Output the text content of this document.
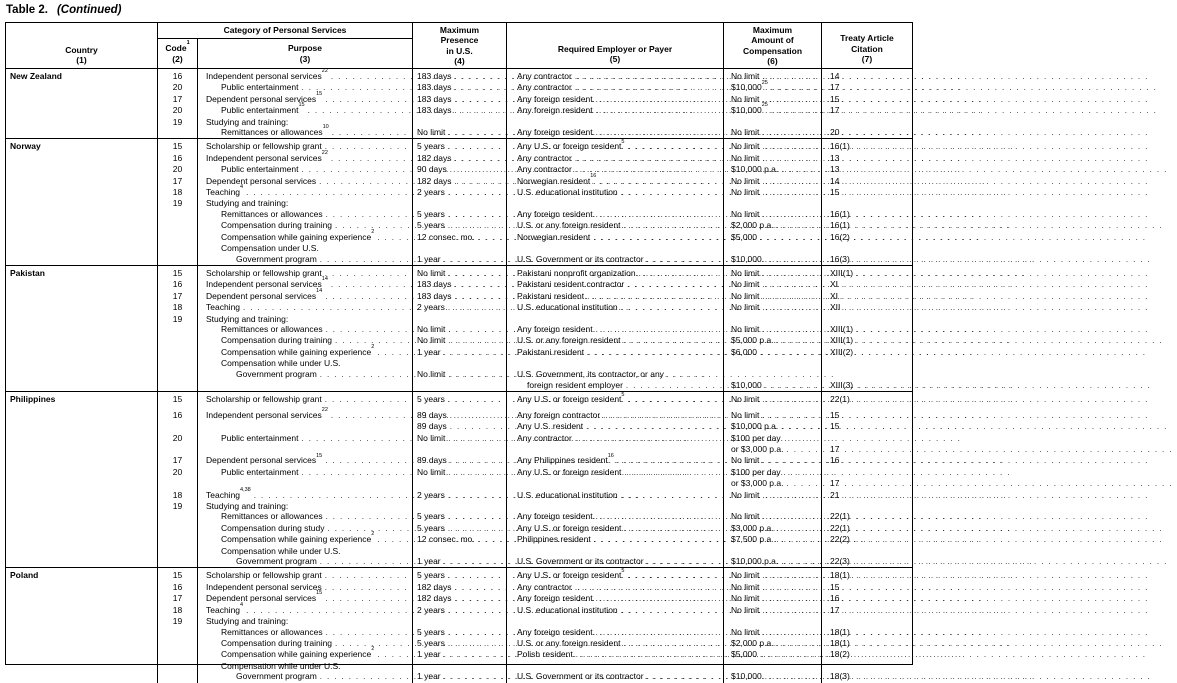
Table 2. (Continued)
Country
(1)
Category of Personal Services
Code$^1$
(2)
Purpose
(3)
Maximum
Presence
in U.S.
(4)
Required Employer or Payer
(5)
Maximum
Amount of
Compensation
(6)
Treaty Article
Citation
(7)
New Zealand	16	Independent personal services$^{22}$ .....	183 days .....	Any contractor .....	No limit .....	14
20	Public entertainment .....	183 days .....	Any contractor .....	$10,000$^{25}$ .....	17
17	Dependent personal services$^{15}$ .....	183 days .....	Any foreign resident .....	No limit .....	15
20	Public entertainment$^{15}$ .....	183 days .....	Any foreign resident .....	$10,000$^{25}$ .....	17
19	Studying and training:
Remittances or allowances$^{10}$ .....	No limit .....	Any foreign resident .....	No limit .....	20
Norway	15	Scholarship or fellowship grant .....	5 years .....	Any U.S. or foreign resident$^5$ .....	No limit .....	16(1)
16	Independent personal services$^{22}$ .....	182 days .....	Any contractor .....	No limit .....	13
20	Public entertainment .....	90 days .....	Any contractor .....	$10,000 p.a. .....	13
17	Dependent personal services .....	182 days .....	Norwegian resident$^{16}$ .....	No limit .....	14
18	Teaching$^4$ .....	2 years .....	U.S. educational institution .....	No limit .....	15
19	Studying and training:
Remittances or allowances .....	5 years .....	Any foreign resident .....	No limit .....	16(1)
Compensation during training .....	5 years .....	U.S. or any foreign resident .....	$2,000 p.a. .....	16(1)
Compensation while gaining experience$^2$ .....	12 consec. mo. .....	Norwegian resident .....	$5,000 .....	16(2)
Compensation under U.S.
Government program .....	1 year .....	U.S. Government or its contractor .....	$10,000 .....	16(3)
Pakistan	15	Scholarship or fellowship grant .....	No limit .....	Pakistani nonprofit organization .....	No limit .....	XIII(1)
16	Independent personal services$^{14}$ .....	183 days .....	Pakistani resident contractor .....	No limit .....	XI
17	Dependent personal services$^{14}$ .....	183 days .....	Pakistani resident .....	No limit .....	XI
18	Teaching .....	2 years .....	U.S. educational institution .....	No limit .....	XII
19	Studying and training:
Remittances or allowances .....	No limit .....	Any foreign resident .....	No limit .....	XIII(1)
Compensation during training .....	No limit .....	U.S. or any foreign resident .....	$5,000 p.a. .....	XIII(1)
Compensation while gaining experience$^2$ .....	1 year .....	Pakistani resident .....	$6,000 .....	XIII(2)
Compensation while under U.S.
Government program .....	No limit .....	U.S. Government, its contractor, or any
foreign resident employer .....	$10,000 .....	XIII(3)
Philippines	15	Scholarship or fellowship grant .....	5 years .....	Any U.S. or foreign resident$^5$ .....	No limit .....	22(1)
16	Independent personal services$^{22}$ .....	89 days .....	Any foreign contractor .....	No limit .....	15
89 days .....	Any U.S. resident .....	$10,000 p.a. .....	15
20	Public entertainment .....	No limit .....	Any contractor .....	$100 per day
or $3,000 p.a. .....	17
17	Dependent personal services$^{15}$ .....	89 days .....	Any Philippines resident$^{16}$ .....	No limit .....	16
20	Public entertainment .....	No limit .....	Any U.S. or foreign resident .....	$100 per day
or $3,000 p.a. .....	17
18	Teaching$^{4,38}$ .....	2 years .....	U.S. educational institution .....	No limit .....	21
19	Studying and training:
Remittances or allowances .....	5 years .....	Any foreign resident .....	No limit .....	22(1)
Compensation during study .....	5 years .....	Any U.S. or foreign resident .....	$3,000 p.a. .....	22(1)
Compensation while gaining experience$^2$ .....	12 consec. mo. .....	Philippines resident .....	$7,500 p.a. .....	22(2)
Compensation while under U.S.
Government program .....	1 year .....	U.S. Government or its contractor .....	$10,000 p.a. .....	22(3)
Poland	15	Scholarship or fellowship grant .....	5 years .....	Any U.S. or foreign resident$^5$ .....	No limit .....	18(1)
16	Independent personal services .....	182 days .....	Any contractor .....	No limit .....	15
17	Dependent personal services$^{15}$ .....	182 days .....	Any foreign resident .....	No limit .....	16
18	Teaching$^4$ .....	2 years .....	U.S. educational institution .....	No limit .....	17
19	Studying and training:
Remittances or allowances .....	5 years .....	Any foreign resident .....	No limit .....	18(1)
Compensation during training .....	5 years .....	U.S. or any foreign resident .....	$2,000 p.a. .....	18(1)
Compensation while gaining experience$^2$ .....	1 year .....	Polish resident .....	$5,000 .....	18(2)
Compensation while under U.S.
Government program .....	1 year .....	U.S. Government or its contractor .....	$10,000 .....	18(3)
